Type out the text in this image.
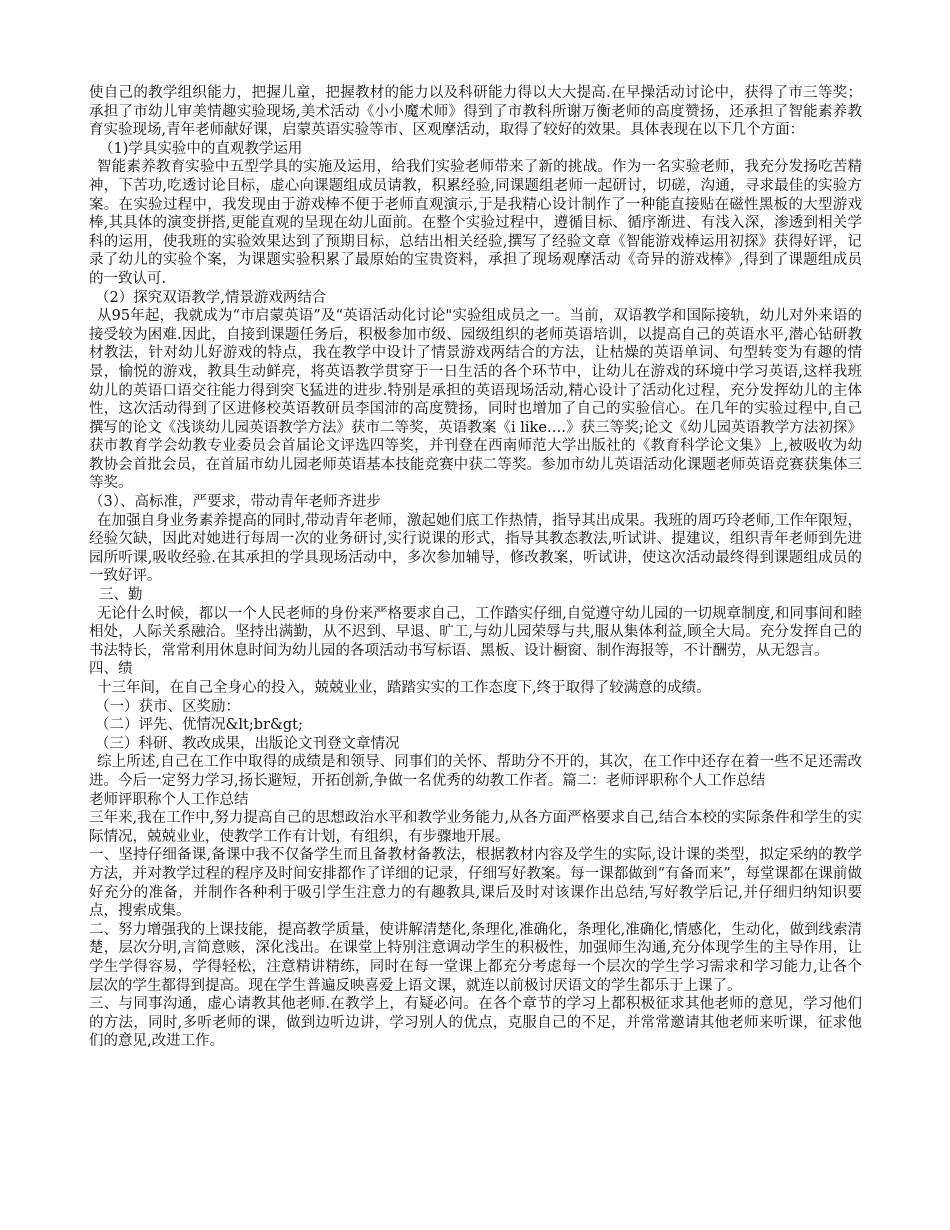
使自己的教学组织能力，把握儿童，把握教材的能力以及科研能力得以大大提高.在早操活动讨论中，获得了市三等奖；承担了市幼儿审美情趣实验现场,美术活动《小小魔术师》得到了市教科所谢万衡老师的高度赞扬，还承担了智能素养教育实验现场,青年老师献好课，启蒙英语实验等市、区观摩活动，取得了较好的效果。具体表现在以下几个方面：

（1)学具实验中的直观教学运用

智能素养教育实验中五型学具的实施及运用，给我们实验老师带来了新的挑战。作为一名实验老师，我充分发扬吃苦精神，下苦功,吃透讨论目标，虚心向课题组成员请教，积累经验,同课题组老师一起研讨，切磋，沟通，寻求最佳的实验方案。在实验过程中，我发现由于游戏棒不便于老师直观演示,于是我精心设计制作了一种能直接贴在磁性黑板的大型游戏棒,其具体的演变拼搭,更能直观的呈现在幼儿面前。在整个实验过程中，遵循目标、循序渐进、有浅入深，渗透到相关学科的运用，使我班的实验效果达到了预期目标，总结出相关经验,撰写了经验文章《智能游戏棒运用初探》获得好评，记录了幼儿的实验个案，为课题实验积累了最原始的宝贵资料，承担了现场观摩活动《奇异的游戏棒》,得到了课题组成员的一致认可.

（2）探究双语教学,情景游戏两结合

从95年起，我就成为“市启蒙英语”及“英语活动化讨论"实验组成员之一。当前，双语教学和国际接轨，幼儿对外来语的接受较为困难.因此，自接到课题任务后，积极参加市级、园级组织的老师英语培训，以提高自己的英语水平,潜心钻研教材教法，针对幼儿好游戏的特点，我在教学中设计了情景游戏两结合的方法，让枯燥的英语单词、句型转变为有趣的情景，愉悦的游戏，教具生动鲜亮，将英语教学贯穿于一日生活的各个环节中，让幼儿在游戏的环境中学习英语,这样我班幼儿的英语口语交往能力得到突飞猛进的进步.特别是承担的英语现场活动,精心设计了活动化过程，充分发挥幼儿的主体性，这次活动得到了区进修校英语教研员李国沛的高度赞扬，同时也增加了自己的实验信心。在几年的实验过程中,自己撰写的论文《浅谈幼儿园英语教学方法》获市二等奖，英语教案《i like….》获三等奖;论文《幼儿园英语教学方法初探》获市教育学会幼教专业委员会首届论文评选四等奖，并刊登在西南师范大学出版社的《教育科学论文集》上,被吸收为幼教协会首批会员，在首届市幼儿园老师英语基本技能竞赛中获二等奖。参加市幼儿英语活动化课题老师英语竞赛获集体三等奖。

（3）、高标准，严要求，带动青年老师齐进步

在加强自身业务素养提高的同时,带动青年老师，激起她们底工作热情，指导其出成果。我班的周巧玲老师,工作年限短，经验欠缺，因此对她进行每周一次的业务研讨,实行说课的形式，指导其教态教法,听试讲、提建议，组织青年老师到先进园所听课,吸收经验.在其承担的学具现场活动中，多次参加辅导，修改教案，听试讲，使这次活动最终得到课题组成员的一致好评。

三、勤

无论什么时候，都以一个人民老师的身份来严格要求自己，工作踏实仔细,自觉遵守幼儿园的一切规章制度,和同事间和睦相处，人际关系融洽。坚持出满勤，从不迟到、早退、旷工,与幼儿园荣辱与共,服从集体利益,顾全大局。充分发挥自己的书法特长，常常利用休息时间为幼儿园的各项活动书写标语、黑板、设计橱窗、制作海报等，不计酬劳，从无怨言。

四、绩

十三年间，在自己全身心的投入，兢兢业业，踏踏实实的工作态度下,终于取得了较满意的成绩。

（一）获市、区奖励：

（二）评先、优情况&lt;br&gt;

（三）科研、教改成果，出版论文刊登文章情况

综上所述,自己在工作中取得的成绩是和领导、同事们的关怀、帮助分不开的，其次，在工作中还存在着一些不足还需改进。今后一定努力学习,扬长避短，开拓创新,争做一名优秀的幼教工作者。篇二：老师评职称个人工作总结

老师评职称个人工作总结

三年来,我在工作中,努力提高自己的思想政治水平和教学业务能力,从各方面严格要求自己,结合本校的实际条件和学生的实际情况，兢兢业业，使教学工作有计划，有组织，有步骤地开展。

一、坚持仔细备课,备课中我不仅备学生而且备教材备教法，根据教材内容及学生的实际,设计课的类型，拟定采纳的教学方法，并对教学过程的程序及时间安排都作了详细的记录，仔细写好教案。每一课都做到“有备而来”，每堂课都在课前做好充分的准备，并制作各种利于吸引学生注意力的有趣教具,课后及时对该课作出总结,写好教学后记,并仔细归纳知识要点，搜索成集。

二、努力增强我的上课技能，提高教学质量，使讲解清楚化,条理化,准确化，条理化,准确化,情感化，生动化，做到线索清楚，层次分明,言简意赅，深化浅出。在课堂上特别注意调动学生的积极性，加强师生沟通,充分体现学生的主导作用，让学生学得容易，学得轻松，注意精讲精练，同时在每一堂课上都充分考虑每一个层次的学生学习需求和学习能力,让各个层次的学生都得到提高。现在学生普遍反映喜爱上语文课，就连以前极讨厌语文的学生都乐于上课了。

三、与同事沟通，虚心请教其他老师.在教学上，有疑必问。在各个章节的学习上都积极征求其他老师的意见，学习他们的方法，同时,多听老师的课，做到边听边讲，学习别人的优点，克服自己的不足，并常常邀请其他老师来听课，征求他们的意见,改进工作。
